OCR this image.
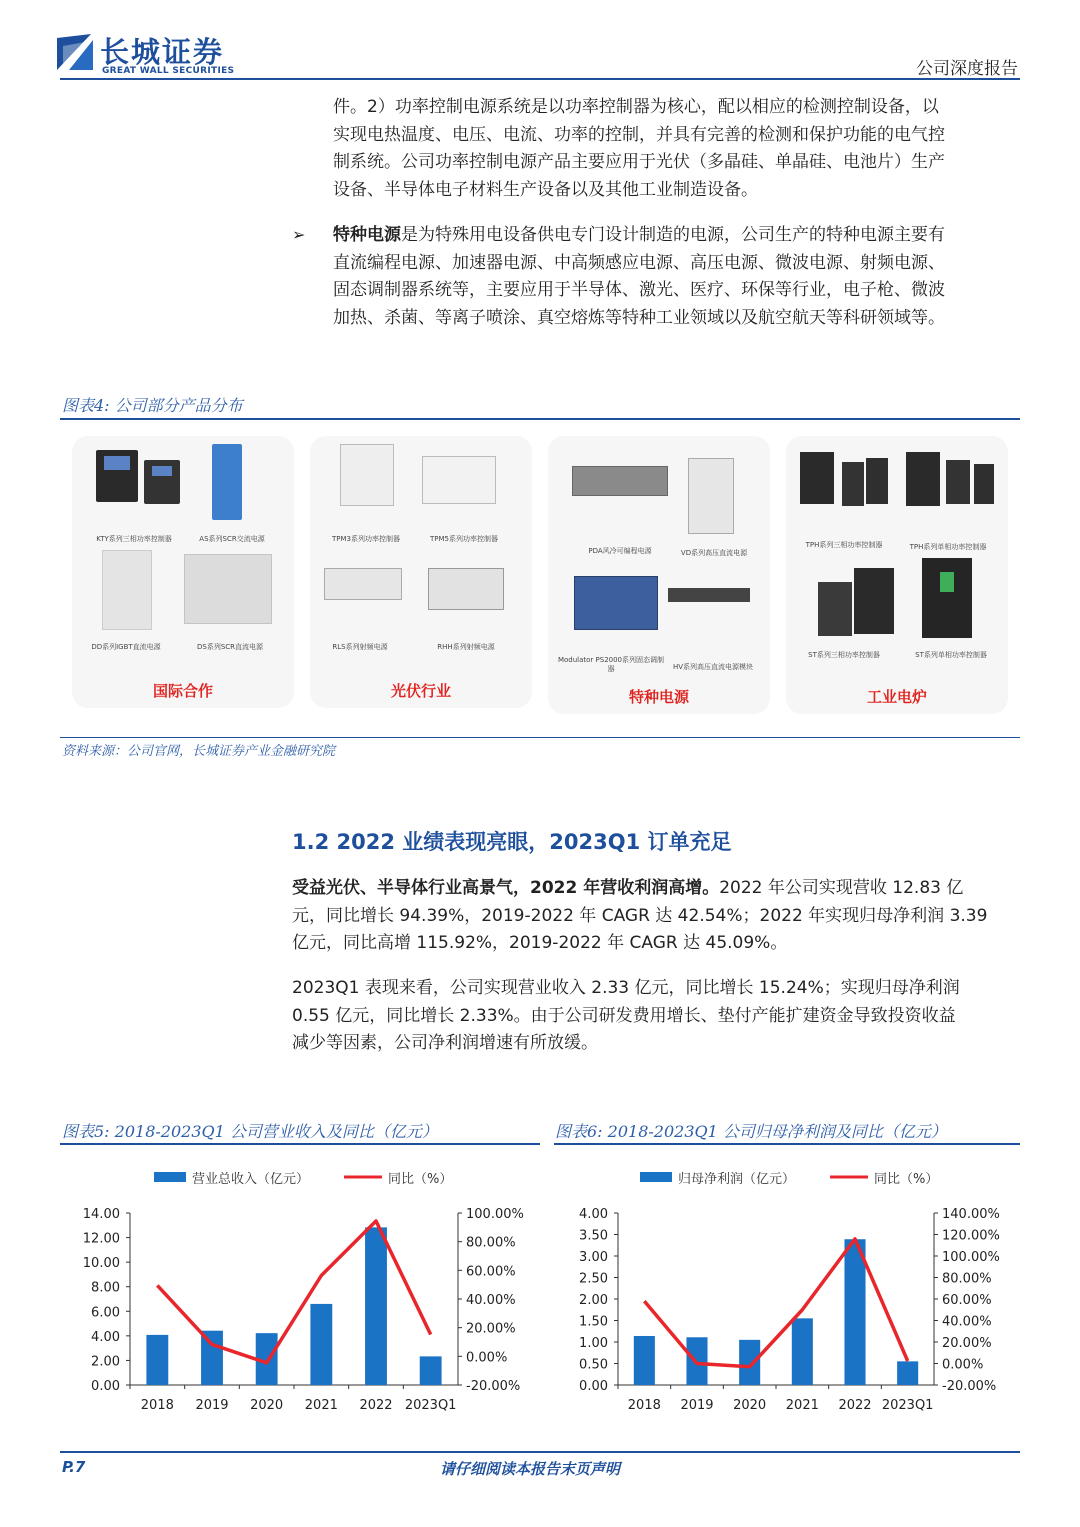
长城证券
GREAT WALL SECURITIES	公司深度报告
件。2）功率控制电源系统是以功率控制器为核心，配以相应的检测控制设备，以
实现电热温度、电压、电流、功率的控制，并具有完善的检测和保护功能的电气控
制系统。公司功率控制电源产品主要应用于光伏（多晶硅、单晶硅、电池片）生产
设备、半导体电子材料生产设备以及其他工业制造设备。
➢ 特种电源是为特殊用电设备供电专门设计制造的电源，公司生产的特种电源主要有
直流编程电源、加速器电源、中高频感应电源、高压电源、微波电源、射频电源、
固态调制器系统等，主要应用于半导体、激光、医疗、环保等行业，电子枪、微波
加热、杀菌、等离子喷涂、真空熔炼等特种工业领域以及航空航天等科研领域等。
图表4: 公司部分产品分布
KTY系列三相功率控制器	AS系列SCR交流电源
DD系列IGBT直流电源	DS系列SCR直流电源
国际合作
TPM3系列功率控制器	TPM5系列功率控制器
RLS系列射频电源	RHH系列射频电源
光伏行业
PDA风冷可编程电源	VD系列高压直流电源
Modulator PS2000系列固态调制器	HV系列高压直流电源模块
特种电源
TPH系列三相功率控制器	TPH系列单相功率控制器
ST系列三相功率控制器	ST系列单相功率控制器
工业电炉
资料来源：公司官网，长城证券产业金融研究院
1.2 2022 业绩表现亮眼，2023Q1 订单充足
受益光伏、半导体行业高景气，2022 年营收利润高增。2022 年公司实现营收 12.83 亿
元，同比增长 94.39%，2019-2022 年 CAGR 达 42.54%；2022 年实现归母净利润 3.39
亿元，同比高增 115.92%，2019-2022 年 CAGR 达 45.09%。
2023Q1 表现来看，公司实现营业收入 2.33 亿元，同比增长 15.24%；实现归母净利润
0.55 亿元，同比增长 2.33%。由于公司研发费用增长、垫付产能扩建资金导致投资收益
减少等因素，公司净利润增速有所放缓。
图表5: 2018-2023Q1 公司营业收入及同比（亿元）	图表6: 2018-2023Q1 公司归母净利润及同比（亿元）
营业总收入（亿元）	同比（%）
0.00
2.00
4.00
6.00
8.00
10.00
12.00
14.00
-20.00%
0.00%
20.00%
40.00%
60.00%
80.00%
100.00%
2018 2019 2020 2021 2022 2023Q1
归母净利润（亿元）	同比（%）
0.00
0.50
1.00
1.50
2.00
2.50
3.00
3.50
4.00
-20.00%
0.00%
20.00%
40.00%
60.00%
80.00%
100.00%
120.00%
140.00%
2018 2019 2020 2021 2022 2023Q1
P.7	请仔细阅读本报告末页声明
